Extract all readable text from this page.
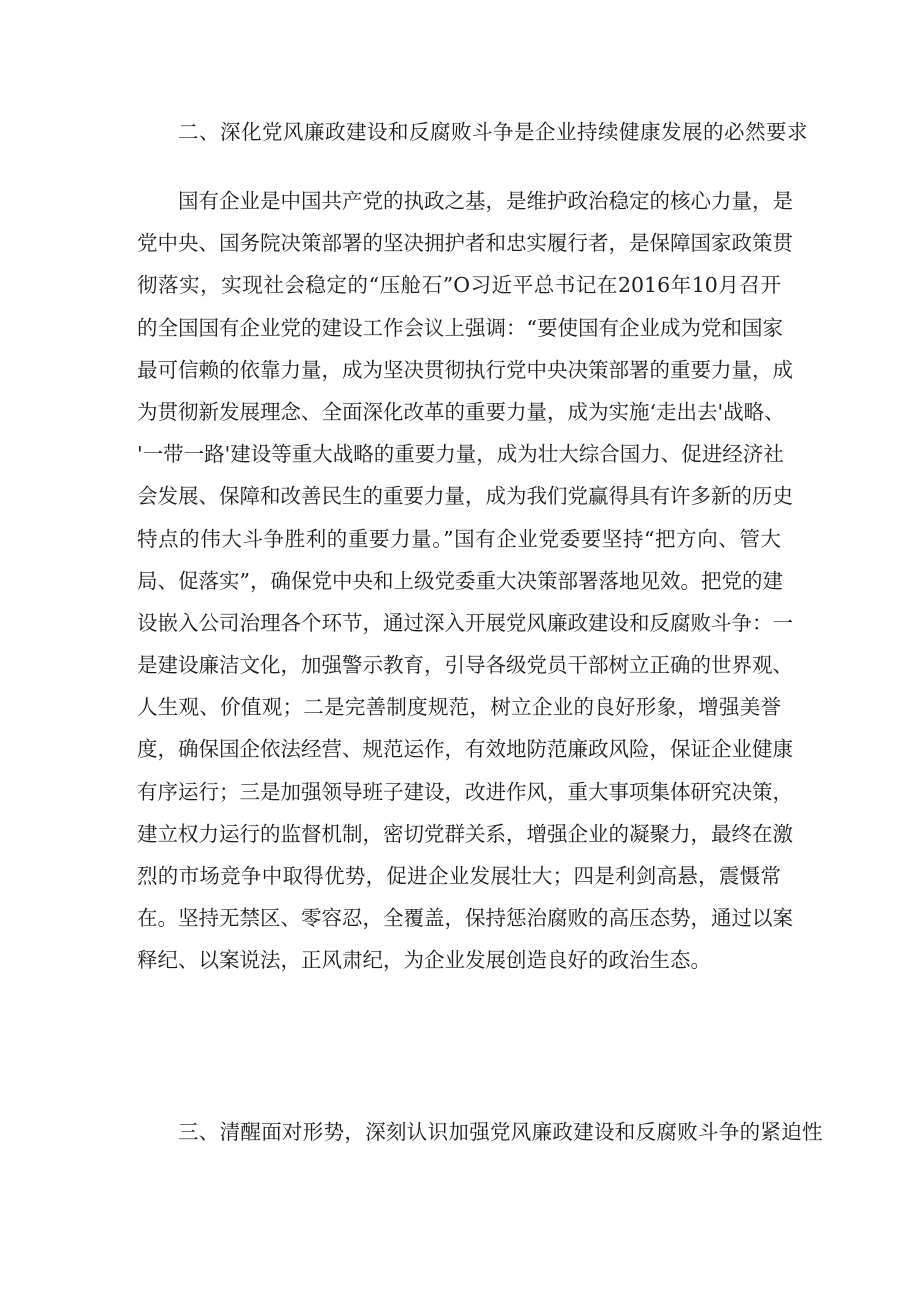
二、深化党风廉政建设和反腐败斗争是企业持续健康发展的必然要求
国有企业是中国共产党的执政之基，是维护政治稳定的核心力量，是
党中央、国务院决策部署的坚决拥护者和忠实履行者，是保障国家政策贯
彻落实，实现社会稳定的“压舱石”O习近平总书记在2016年10月召开
的全国国有企业党的建设工作会议上强调：“要使国有企业成为党和国家
最可信赖的依靠力量，成为坚决贯彻执行党中央决策部署的重要力量，成
为贯彻新发展理念、全面深化改革的重要力量，成为实施‘走出去'战略、
'一带一路'建设等重大战略的重要力量，成为壮大综合国力、促进经济社
会发展、保障和改善民生的重要力量，成为我们党赢得具有许多新的历史
特点的伟大斗争胜利的重要力量。”国有企业党委要坚持“把方向、管大
局、促落实”，确保党中央和上级党委重大决策部署落地见效。把党的建
设嵌入公司治理各个环节，通过深入开展党风廉政建设和反腐败斗争：一
是建设廉洁文化，加强警示教育，引导各级党员干部树立正确的世界观、
人生观、价值观；二是完善制度规范，树立企业的良好形象，增强美誉
度，确保国企依法经营、规范运作，有效地防范廉政风险，保证企业健康
有序运行；三是加强领导班子建设，改进作风，重大事项集体研究决策，
建立权力运行的监督机制，密切党群关系，增强企业的凝聚力，最终在激
烈的市场竞争中取得优势，促进企业发展壮大；四是利剑高悬，震慑常
在。坚持无禁区、零容忍，全覆盖，保持惩治腐败的高压态势，通过以案
释纪、以案说法，正风肃纪，为企业发展创造良好的政治生态。
三、清醒面对形势，深刻认识加强党风廉政建设和反腐败斗争的紧迫性
